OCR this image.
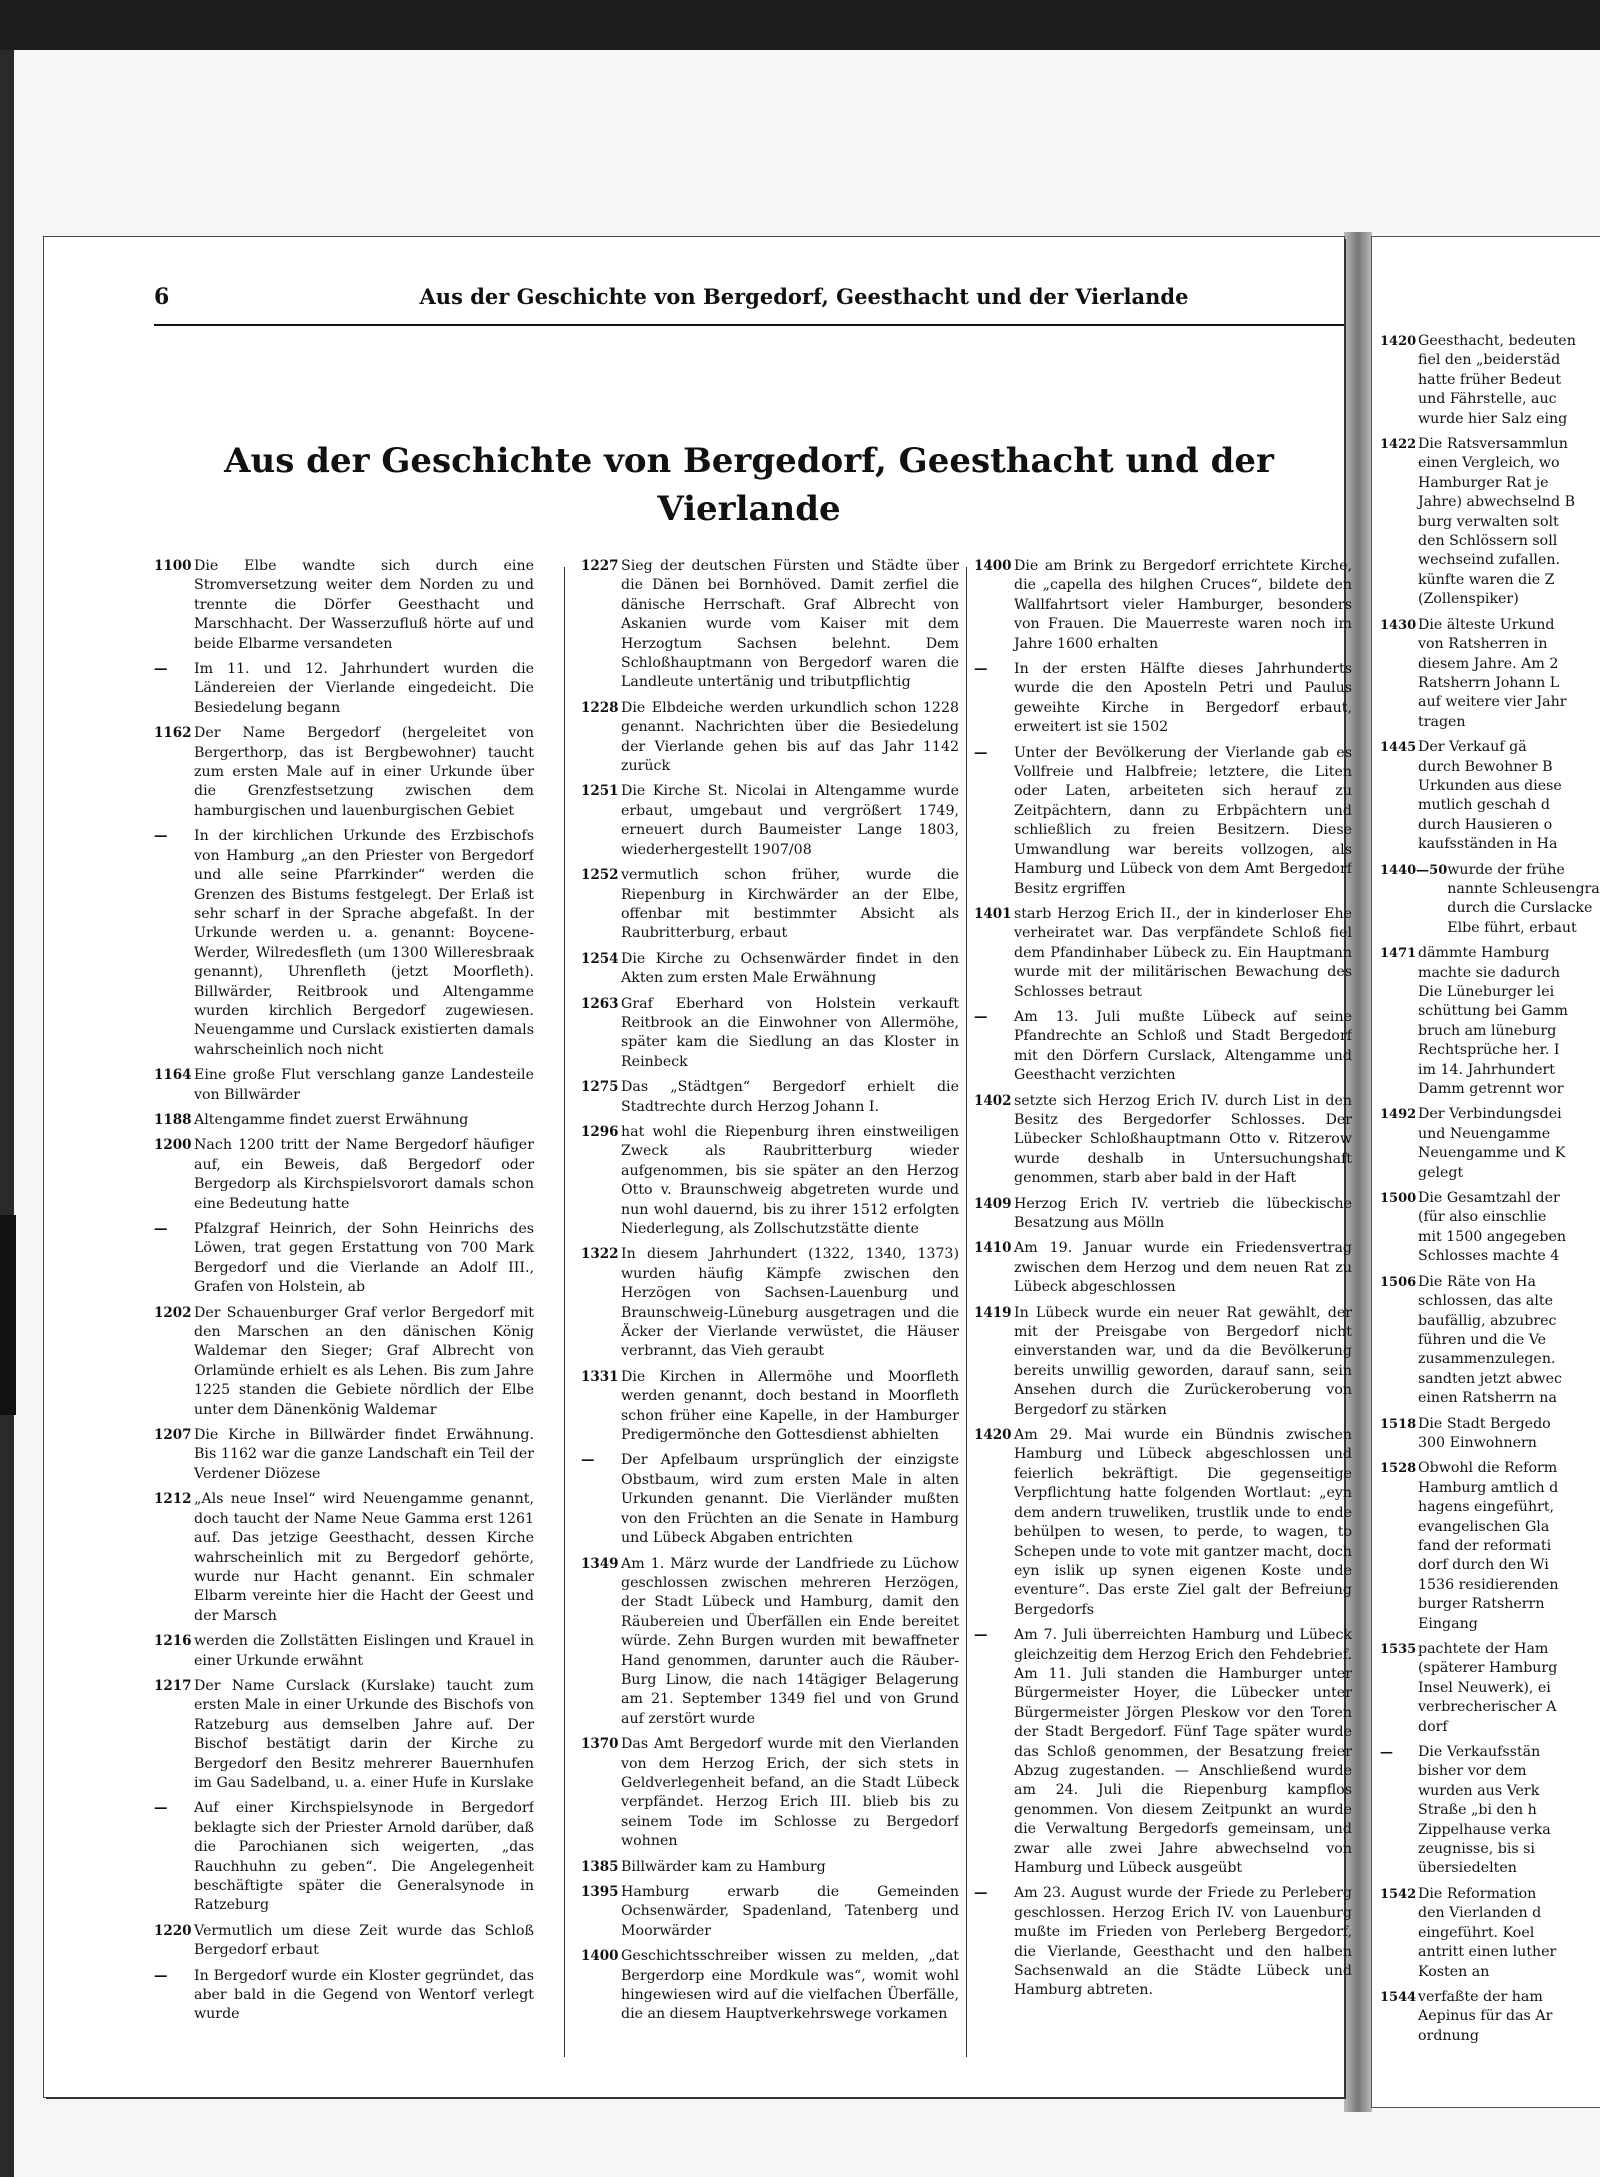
6	Aus der Geschichte von Bergedorf, Geesthacht und der Vierlande
Aus der Geschichte von Bergedorf, Geesthacht und der Vierlande
1100 Die Elbe wandte sich durch eine Stromversetzung weiter dem Norden zu und trennte die Dörfer Geesthacht und Marschhacht. Der Wasserzufluß hörte auf und beide Elbarme versandeten
—	Im 11. und 12. Jahrhundert wurden die Ländereien der Vierlande eingedeicht. Die Besiedelung begann
1162 Der Name Bergedorf (hergeleitet von Bergerthorp, das ist Bergbewohner) taucht zum ersten Male auf in einer Urkunde über die Grenzfestsetzung zwischen dem hamburgischen und lauenburgischen Gebiet
—	In der kirchlichen Urkunde des Erzbischofs von Hamburg „an den Priester von Bergedorf und alle seine Pfarrkinder“ werden die Grenzen des Bistums festgelegt. Der Erlaß ist sehr scharf in der Sprache abgefaßt. In der Urkunde werden u. a. genannt: Boycene-Werder, Wilredesfleth (um 1300 Willeresbraak genannt), Uhrenfleth (jetzt Moorfleth). Billwärder, Reitbrook und Altengamme wurden kirchlich Bergedorf zugewiesen. Neuengamme und Curslack existierten damals wahrscheinlich noch nicht
1164 Eine große Flut verschlang ganze Landesteile von Billwärder
1188 Altengamme findet zuerst Erwähnung
1200 Nach 1200 tritt der Name Bergedorf häufiger auf, ein Beweis, daß Bergedorf oder Bergedorp als Kirchspielsvorort damals schon eine Bedeutung hatte
—	Pfalzgraf Heinrich, der Sohn Heinrichs des Löwen, trat gegen Erstattung von 700 Mark Bergedorf und die Vierlande an Adolf III., Grafen von Holstein, ab
1202 Der Schauenburger Graf verlor Bergedorf mit den Marschen an den dänischen König Waldemar den Sieger; Graf Albrecht von Orlamünde erhielt es als Lehen. Bis zum Jahre 1225 standen die Gebiete nördlich der Elbe unter dem Dänenkönig Waldemar
1207 Die Kirche in Billwärder findet Erwähnung. Bis 1162 war die ganze Landschaft ein Teil der Verdener Diözese
1212 „Als neue Insel“ wird Neuengamme genannt, doch taucht der Name Neue Gamma erst 1261 auf. Das jetzige Geesthacht, dessen Kirche wahrscheinlich mit zu Bergedorf gehörte, wurde nur Hacht genannt. Ein schmaler Elbarm vereinte hier die Hacht der Geest und der Marsch
1216 werden die Zollstätten Eislingen und Krauel in einer Urkunde erwähnt
1217 Der Name Curslack (Kurslake) taucht zum ersten Male in einer Urkunde des Bischofs von Ratzeburg aus demselben Jahre auf. Der Bischof bestätigt darin der Kirche zu Bergedorf den Besitz mehrerer Bauernhufen im Gau Sadelband, u. a. einer Hufe in Kurslake
—	Auf einer Kirchspielsynode in Bergedorf beklagte sich der Priester Arnold darüber, daß die Parochianen sich weigerten, „das Rauchhuhn zu geben“. Die Angelegenheit beschäftigte später die Generalsynode in Ratzeburg
1220 Vermutlich um diese Zeit wurde das Schloß Bergedorf erbaut
—	In Bergedorf wurde ein Kloster gegründet, das aber bald in die Gegend von Wentorf verlegt wurde
1227 Sieg der deutschen Fürsten und Städte über die Dänen bei Bornhöved. Damit zerfiel die dänische Herrschaft. Graf Albrecht von Askanien wurde vom Kaiser mit dem Herzogtum Sachsen belehnt. Dem Schloßhauptmann von Bergedorf waren die Landleute untertänig und tributpflichtig
1228 Die Elbdeiche werden urkundlich schon 1228 genannt. Nachrichten über die Besiedelung der Vierlande gehen bis auf das Jahr 1142 zurück
1251 Die Kirche St. Nicolai in Altengamme wurde erbaut, umgebaut und vergrößert 1749, erneuert durch Baumeister Lange 1803, wiederhergestellt 1907/08
1252 vermutlich schon früher, wurde die Riepenburg in Kirchwärder an der Elbe, offenbar mit bestimmter Absicht als Raubritterburg, erbaut
1254 Die Kirche zu Ochsenwärder findet in den Akten zum ersten Male Erwähnung
1263 Graf Eberhard von Holstein verkauft Reitbrook an die Einwohner von Allermöhe, später kam die Siedlung an das Kloster in Reinbeck
1275 Das „Städtgen“ Bergedorf erhielt die Stadtrechte durch Herzog Johann I.
1296 hat wohl die Riepenburg ihren einstweiligen Zweck als Raubritterburg wieder aufgenommen, bis sie später an den Herzog Otto v. Braunschweig abgetreten wurde und nun wohl dauernd, bis zu ihrer 1512 erfolgten Niederlegung, als Zollschutzstätte diente
1322 In diesem Jahrhundert (1322, 1340, 1373) wurden häufig Kämpfe zwischen den Herzögen von Sachsen-Lauenburg und Braunschweig-Lüneburg ausgetragen und die Äcker der Vierlande verwüstet, die Häuser verbrannt, das Vieh geraubt
1331 Die Kirchen in Allermöhe und Moorfleth werden genannt, doch bestand in Moorfleth schon früher eine Kapelle, in der Hamburger Predigermönche den Gottesdienst abhielten
—	Der Apfelbaum ursprünglich der einzigste Obstbaum, wird zum ersten Male in alten Urkunden genannt. Die Vierländer mußten von den Früchten an die Senate in Hamburg und Lübeck Abgaben entrichten
1349 Am 1. März wurde der Landfriede zu Lüchow geschlossen zwischen mehreren Herzögen, der Stadt Lübeck und Hamburg, damit den Räubereien und Überfällen ein Ende bereitet würde. Zehn Burgen wurden mit bewaffneter Hand genommen, darunter auch die Räuber-Burg Linow, die nach 14tägiger Belagerung am 21. September 1349 fiel und von Grund auf zerstört wurde
1370 Das Amt Bergedorf wurde mit den Vierlanden von dem Herzog Erich, der sich stets in Geldverlegenheit befand, an die Stadt Lübeck verpfändet. Herzog Erich III. blieb bis zu seinem Tode im Schlosse zu Bergedorf wohnen
1385 Billwärder kam zu Hamburg
1395 Hamburg erwarb die Gemeinden Ochsenwärder, Spadenland, Tatenberg und Moorwärder
1400 Geschichtsschreiber wissen zu melden, „dat Bergerdorp eine Mordkule was“, womit wohl hingewiesen wird auf die vielfachen Überfälle, die an diesem Hauptverkehrswege vorkamen
1400 Die am Brink zu Bergedorf errichtete Kirche, die „capella des hilghen Cruces“, bildete den Wallfahrtsort vieler Hamburger, besonders von Frauen. Die Mauerreste waren noch im Jahre 1600 erhalten
—	In der ersten Hälfte dieses Jahrhunderts wurde die den Aposteln Petri und Paulus geweihte Kirche in Bergedorf erbaut, erweitert ist sie 1502
—	Unter der Bevölkerung der Vierlande gab es Vollfreie und Halbfreie; letztere, die Liten oder Laten, arbeiteten sich herauf zu Zeitpächtern, dann zu Erbpächtern und schließlich zu freien Besitzern. Diese Umwandlung war bereits vollzogen, als Hamburg und Lübeck von dem Amt Bergedorf Besitz ergriffen
1401 starb Herzog Erich II., der in kinderloser Ehe verheiratet war. Das verpfändete Schloß fiel dem Pfandinhaber Lübeck zu. Ein Hauptmann wurde mit der militärischen Bewachung des Schlosses betraut
—	Am 13. Juli mußte Lübeck auf seine Pfandrechte an Schloß und Stadt Bergedorf mit den Dörfern Curslack, Altengamme und Geesthacht verzichten
1402 setzte sich Herzog Erich IV. durch List in den Besitz des Bergedorfer Schlosses. Der Lübecker Schloßhauptmann Otto v. Ritzerow wurde deshalb in Untersuchungshaft genommen, starb aber bald in der Haft
1409 Herzog Erich IV. vertrieb die lübeckische Besatzung aus Mölln
1410 Am 19. Januar wurde ein Friedensvertrag zwischen dem Herzog und dem neuen Rat zu Lübeck abgeschlossen
1419 In Lübeck wurde ein neuer Rat gewählt, der mit der Preisgabe von Bergedorf nicht einverstanden war, und da die Bevölkerung bereits unwillig geworden, darauf sann, sein Ansehen durch die Zurückeroberung von Bergedorf zu stärken
1420 Am 29. Mai wurde ein Bündnis zwischen Hamburg und Lübeck abgeschlossen und feierlich bekräftigt. Die gegenseitige Verpflichtung hatte folgenden Wortlaut: „eyn dem andern truweliken, trustlik unde to ende behülpen to wesen, to perde, to wagen, to Schepen unde to vote mit gantzer macht, doch eyn islik up synen eigenen Koste unde eventure“. Das erste Ziel galt der Befreiung Bergedorfs
—	Am 7. Juli überreichten Hamburg und Lübeck gleichzeitig dem Herzog Erich den Fehdebrief. Am 11. Juli standen die Hamburger unter Bürgermeister Hoyer, die Lübecker unter Bürgermeister Jörgen Pleskow vor den Toren der Stadt Bergedorf. Fünf Tage später wurde das Schloß genommen, der Besatzung freier Abzug zugestanden. — Anschließend wurde am 24. Juli die Riepenburg kampflos genommen. Von diesem Zeitpunkt an wurde die Verwaltung Bergedorfs gemeinsam, und zwar alle zwei Jahre abwechselnd von Hamburg und Lübeck ausgeübt
—	Am 23. August wurde der Friede zu Perleberg geschlossen. Herzog Erich IV. von Lauenburg mußte im Frieden von Perleberg Bergedorf, die Vierlande, Geesthacht und den halben Sachsenwald an die Städte Lübeck und Hamburg abtreten.
1420 Geesthacht, bedeuten
fiel den „beiderstäd
hatte früher Bedeut
und Fährstelle, auc
wurde hier Salz eing
1422 Die Ratsversammlun
einen Vergleich, wo
Hamburger Rat je
Jahre) abwechselnd B
burg verwalten solt
den Schlössern soll
wechseind zufallen.
künfte waren die Z
(Zollenspiker)
1430 Die älteste Urkund
von Ratsherren in
diesem Jahre. Am 2
Ratsherrn Johann L
auf weitere vier Jahr
tragen
1445 Der Verkauf gä
durch Bewohner B
Urkunden aus diese
mutlich geschah d
durch Hausieren o
kaufsständen in Ha
1440—50 wurde der frühe
nannte Schleusengra
durch die Curslacke
Elbe führt, erbaut
1471 dämmte Hamburg
machte sie dadurch
Die Lüneburger lei
schüttung bei Gamm
bruch am lüneburg
Rechtsprüche her. I
im 14. Jahrhundert
Damm getrennt wor
1492 Der Verbindungsdei
und Neuengamme
Neuengamme und K
gelegt
1500 Die Gesamtzahl der
(für also einschlie
mit 1500 angegeben
Schlosses machte 4
1506 Die Räte von Ha
schlossen, das alte
baufällig, abzubrec
führen und die Ve
zusammenzulegen.
sandten jetzt abwec
einen Ratsherrn na
1518 Die Stadt Bergedo
300 Einwohnern
1528 Obwohl die Reform
Hamburg amtlich d
hagens eingeführt,
evangelischen Gla
fand der reformati
dorf durch den Wi
1536 residierenden
burger Ratsherrn
Eingang
1535 pachtete der Ham
(späterer Hamburg
Insel Neuwerk), ei
verbrecherischer A
dorf
—	Die Verkaufsstän
bisher vor dem
wurden aus Verk
Straße „bi den h
Zippelhause verka
zeugnisse, bis si
übersiedelten
1542 Die Reformation
den Vierlanden d
eingeführt. Koel
antritt einen luther
Kosten an
1544 verfaßte der ham
Aepinus für das Ar
ordnung
